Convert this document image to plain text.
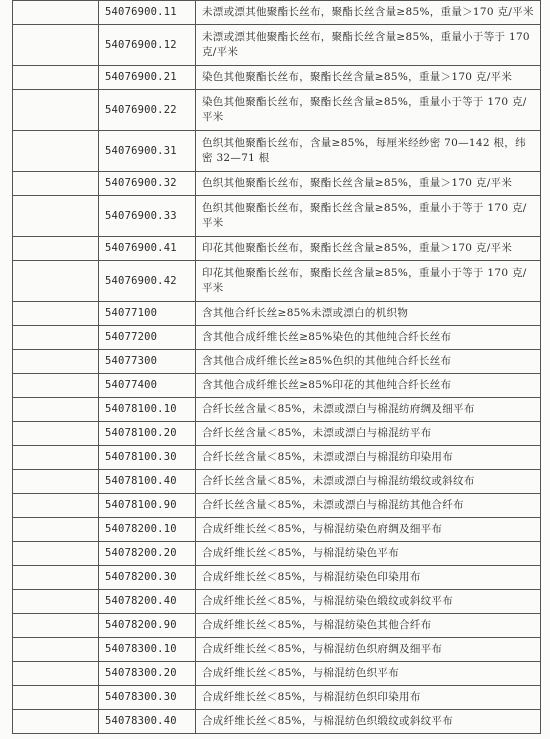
	54076900.11	未漂或漂其他聚酯长丝布，聚酯长丝含量≥85%，重量＞170 克/平米
	54076900.12	未漂或漂其他聚酯长丝布，聚酯长丝含量≥85%，重量小于等于 170 克/平米
	54076900.21	染色其他聚酯长丝布，聚酯长丝含量≥85%，重量＞170 克/平米
	54076900.22	染色其他聚酯长丝布，聚酯长丝含量≥85%，重量小于等于 170 克/平米
	54076900.31	色织其他聚酯长丝布，含量≥85%，每厘米经纱密 70—142 根，纬密 32—71 根
	54076900.32	色织其他聚酯长丝布，聚酯长丝含量≥85%，重量＞170 克/平米
	54076900.33	色织其他聚酯长丝布，聚酯长丝含量≥85%，重量小于等于 170 克/平米
	54076900.41	印花其他聚酯长丝布，聚酯长丝含量≥85%，重量＞170 克/平米
	54076900.42	印花其他聚酯长丝布，聚酯长丝含量≥85%，重量小于等于 170 克/平米
	54077100	含其他合纤长丝≥85%未漂或漂白的机织物
	54077200	含其他合成纤维长丝≥85%染色的其他纯合纤长丝布
	54077300	含其他合成纤维长丝≥85%色织的其他纯合纤长丝布
	54077400	含其他合成纤维长丝≥85%印花的其他纯合纤长丝布
	54078100.10	合纤长丝含量＜85%，未漂或漂白与棉混纺府绸及细平布
	54078100.20	合纤长丝含量＜85%，未漂或漂白与棉混纺平布
	54078100.30	合纤长丝含量＜85%，未漂或漂白与棉混纺印染用布
	54078100.40	合纤长丝含量＜85%，未漂或漂白与棉混纺缎纹或斜纹布
	54078100.90	合纤长丝含量＜85%，未漂或漂白与棉混纺其他合纤布
	54078200.10	合成纤维长丝＜85%，与棉混纺染色府绸及细平布
	54078200.20	合成纤维长丝＜85%，与棉混纺染色平布
	54078200.30	合成纤维长丝＜85%，与棉混纺染色印染用布
	54078200.40	合成纤维长丝＜85%，与棉混纺染色缎纹或斜纹平布
	54078200.90	合成纤维长丝＜85%，与棉混纺染色其他合纤布
	54078300.10	合成纤维长丝＜85%，与棉混纺色织府绸及细平布
	54078300.20	合成纤维长丝＜85%，与棉混纺色织平布
	54078300.30	合成纤维长丝＜85%，与棉混纺色织印染用布
	54078300.40	合成纤维长丝＜85%，与棉混纺色织缎纹或斜纹平布
